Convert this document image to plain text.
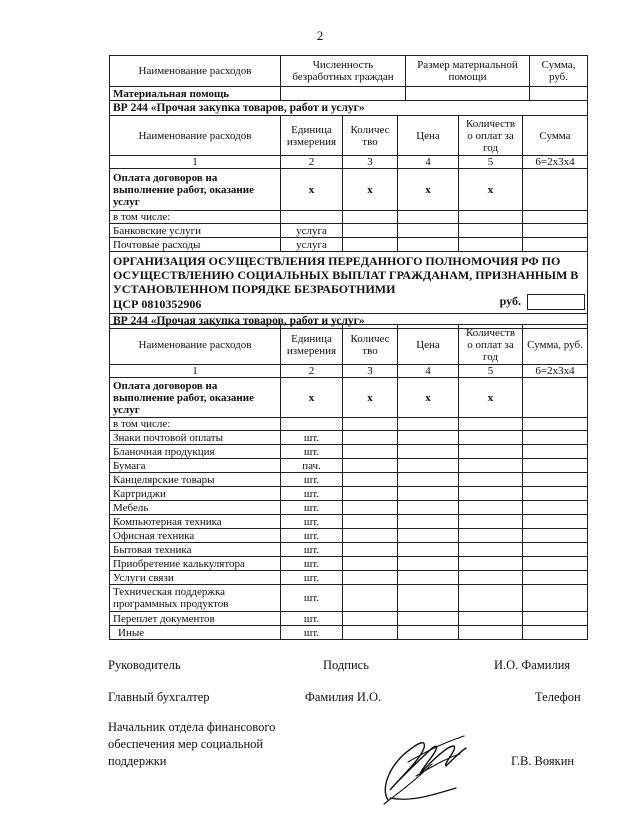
2
Наименование расходов	Численность безработных граждан	Размер материальной помощи	Сумма, руб.
Материальная помощь			
ВР 244 «Прочая закупка товаров, работ и услуг»			
Наименование расходов	Единица измерения	Количес тво	Цена	Количеств о оплат за год	Сумма
1	2	3	4	5	6=2х3х4
Оплата договоров на выполнение работ, оказание услуг	x	x	x	x	
в том числе:					
Банковские услуги	услуга				
Почтовые расходы	услуга				

ОРГАНИЗАЦИЯ ОСУЩЕСТВЛЕНИЯ ПЕРЕДАННОГО ПОЛНОМОЧИЯ РФ ПО ОСУЩЕСТВЛЕНИЮ СОЦИАЛЬНЫХ ВЫПЛАТ ГРАЖДАНАМ, ПРИЗНАННЫМ В УСТАНОВЛЕННОМ ПОРЯДКЕ БЕЗРАБОТНИМИ
ЦСР 0810352906 руб.					

ВР 244 «Прочая закупка товаров, работ и услуг»					
Наименование расходов	Единица измерения	Количес тво	Цена	Количеств о оплат за год	Сумма, руб.
1	2	3	4	5	6=2х3х4
Оплата договоров на выполнение работ, оказание услуг	x	x	x	x	
в том числе:					
Знаки почтовой оплаты	шт.				
Бланочная продукция	шт.				
Бумага	пач.				
Канцелярские товары	шт.				
Картриджи	шт.				
Мебель	шт.				
Компьютерная техника	шт.				
Офисная техника	шт.				
Бытовая техника	шт.				
Приобретение калькулятора	шт.				
Услуги связи	шт.				
Техническая поддержка программных продуктов	шт.				
Перeплет документов	шт.				
Иные	шт.				
Руководитель	Подпись	И.О. Фамилия
Главный бухгалтер	Фамилия И.О.	Телефон
Начальник отдела финансового обеспечения мер социальной поддержки	Г.В. Воякин
